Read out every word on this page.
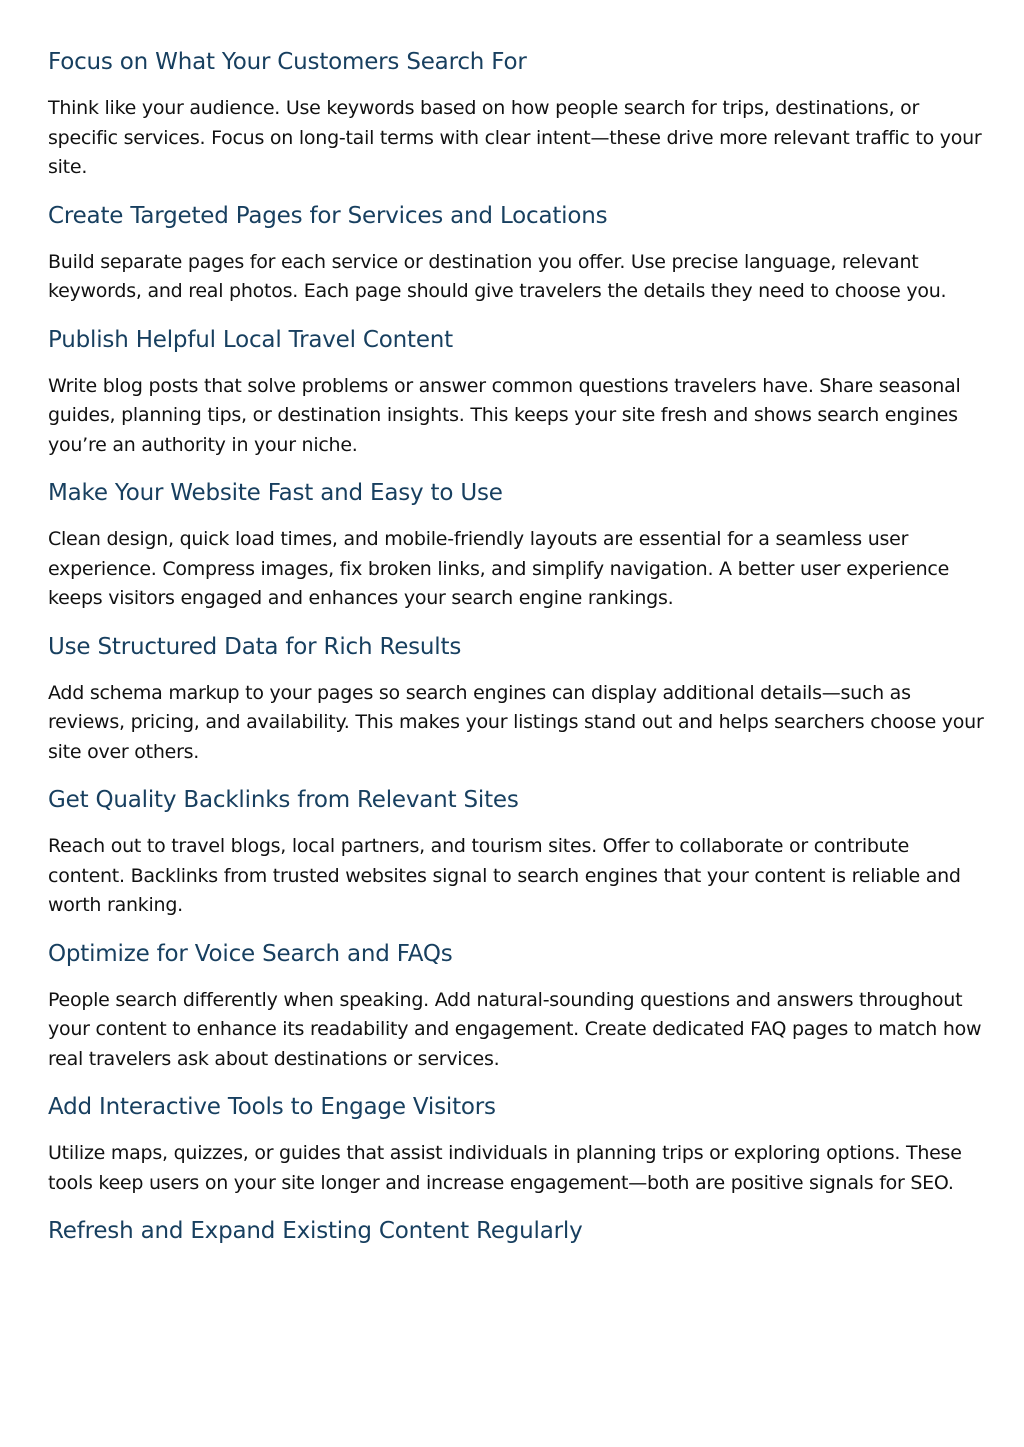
Focus on What Your Customers Search For

Think like your audience. Use keywords based on how people search for trips, destinations, or specific services. Focus on long-tail terms with clear intent—these drive more relevant traffic to your site.

Create Targeted Pages for Services and Locations

Build separate pages for each service or destination you offer. Use precise language, relevant keywords, and real photos. Each page should give travelers the details they need to choose you.

Publish Helpful Local Travel Content

Write blog posts that solve problems or answer common questions travelers have. Share seasonal guides, planning tips, or destination insights. This keeps your site fresh and shows search engines you’re an authority in your niche.

Make Your Website Fast and Easy to Use

Clean design, quick load times, and mobile-friendly layouts are essential for a seamless user experience. Compress images, fix broken links, and simplify navigation. A better user experience keeps visitors engaged and enhances your search engine rankings.

Use Structured Data for Rich Results

Add schema markup to your pages so search engines can display additional details—such as reviews, pricing, and availability. This makes your listings stand out and helps searchers choose your site over others.

Get Quality Backlinks from Relevant Sites

Reach out to travel blogs, local partners, and tourism sites. Offer to collaborate or contribute content. Backlinks from trusted websites signal to search engines that your content is reliable and worth ranking.

Optimize for Voice Search and FAQs

People search differently when speaking. Add natural-sounding questions and answers throughout your content to enhance its readability and engagement. Create dedicated FAQ pages to match how real travelers ask about destinations or services.

Add Interactive Tools to Engage Visitors

Utilize maps, quizzes, or guides that assist individuals in planning trips or exploring options. These tools keep users on your site longer and increase engagement—both are positive signals for SEO.

Refresh and Expand Existing Content Regularly
